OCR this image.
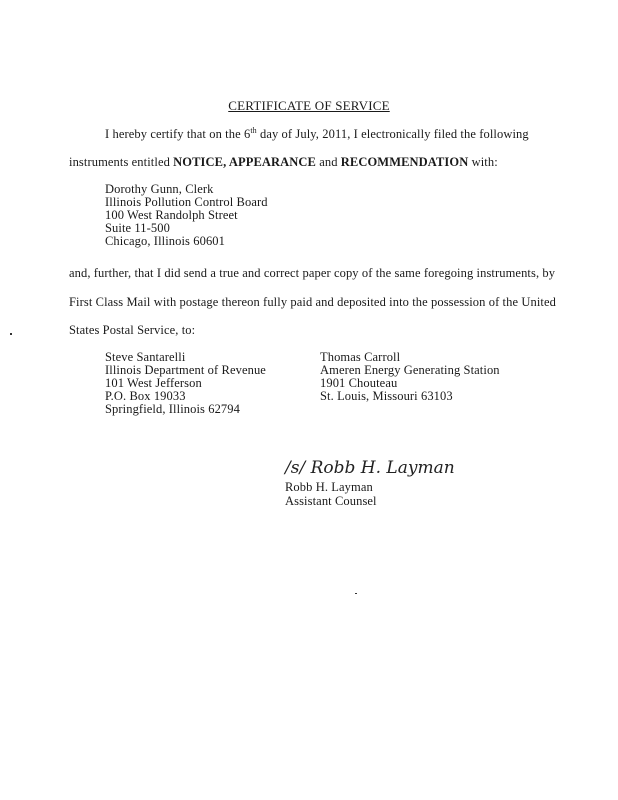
CERTIFICATE OF SERVICE
I hereby certify that on the 6th day of July, 2011, I electronically filed the following
instruments entitled NOTICE, APPEARANCE and RECOMMENDATION with:
Dorothy Gunn, Clerk
Illinois Pollution Control Board
100 West Randolph Street
Suite 11-500
Chicago, Illinois 60601
and, further, that I did send a true and correct paper copy of the same foregoing instruments, by
First Class Mail with postage thereon fully paid and deposited into the possession of the United
States Postal Service, to:
Steve Santarelli
Illinois Department of Revenue
101 West Jefferson
P.O. Box 19033
Springfield, Illinois 62794
Thomas Carroll
Ameren Energy Generating Station
1901 Chouteau
St. Louis, Missouri 63103
/s/ Robb H. Layman
Robb H. Layman
Assistant Counsel
